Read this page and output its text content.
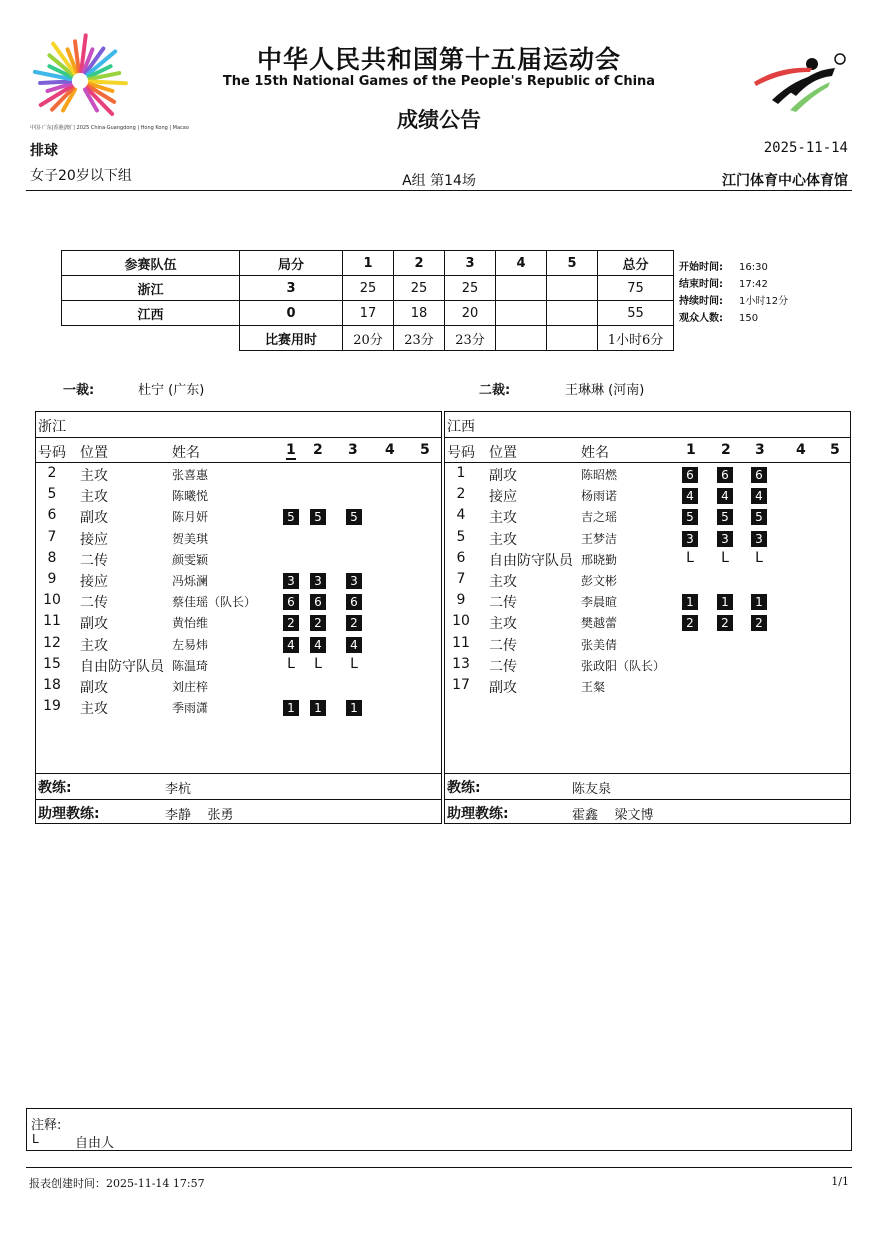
中国·广东|香港|澳门 2025 China·Guangdong | Hong Kong | Macao
中华人民共和国第十五届运动会
The 15th National Games of the People's Republic of China
成绩公告
排球	2025-11-14
女子20岁以下组	A组 第14场	江门体育中心体育馆
参赛队伍	局分	1	2	3	4	5	总分
浙江	3	25	25	25			75
江西	0	17	18	20			55
	比赛用时	20分	23分	23分			1小时6分
开始时间: 16:30
结束时间: 17:42
持续时间: 1小时12分
观众人数: 150
一裁:	杜宁 (广东)	二裁:	王琳琳 (河南)
浙江
号码 位置	姓名	1 2 3 4 5
2	主攻	张喜惠
5	主攻	陈曦悦
6	副攻	陈月妍	5	5	5
7	接应	贺美琪
8	二传	颜雯颖
9	接应	冯烁澜	3	3	3
10	二传	蔡佳瑶（队长）	6	6	6
11	副攻	黄怡维	2	2	2
12	主攻	左易炜	4	4	4
15	自由防守队员 陈温琦	L L L
18	副攻	刘庄梓
19	主攻	季雨潇	1	1	1
教练:	李杭
助理教练:	李静    张勇
江西
号码 位置	姓名	1 2 3 4 5
1	副攻	陈昭燃	6	6	6
2	接应	杨雨诺	4	4	4
4	主攻	吉之瑶	5	5	5
5	主攻	王梦洁	3	3	3
6	自由防守队员 邢晓勤	L L L
7	主攻	彭文彬
9	二传	李晨暄	1	1	1
10	主攻	樊越蕾	2	2	2
11	二传	张美倩
13	二传	张政阳（队长）
17	副攻	王粲
教练:	陈友泉
助理教练:	霍鑫    梁文博
注释:
L	自由人
报表创建时间：2025-11-14 17:57	1/1
